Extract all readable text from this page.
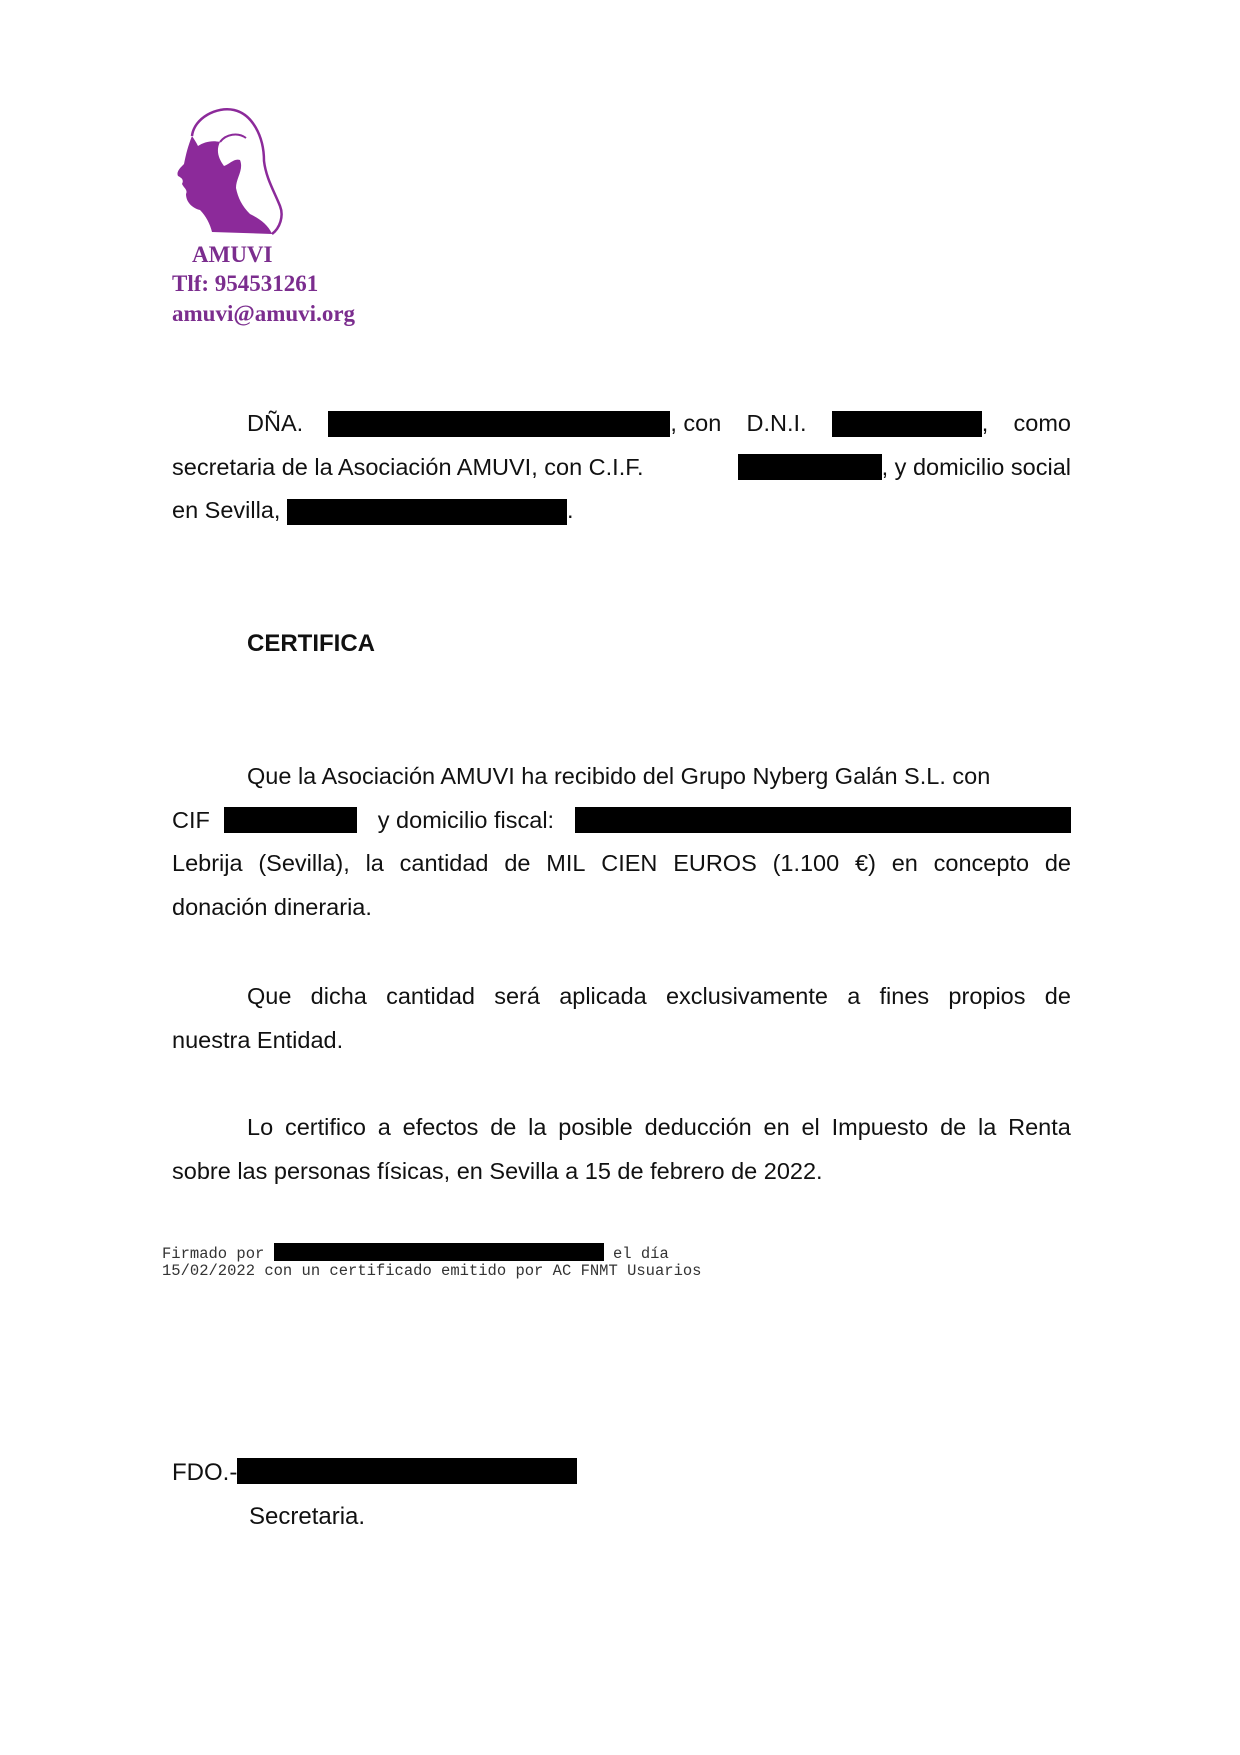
AMUVI
Tlf: 954531261
amuvi@amuvi.org
DÑA.	, con D.N.I.	, como
secretaria de la Asociación AMUVI, con C.I.F.	, y domicilio social
en Sevilla,	.
CERTIFICA
Que la Asociación AMUVI ha recibido del Grupo Nyberg Galán S.L. con
CIF	y domicilio fiscal:
Lebrija (Sevilla), la cantidad de MIL CIEN EUROS (1.100 €) en concepto de
donación dineraria.
Que dicha cantidad será aplicada exclusivamente a fines propios de
nuestra Entidad.
Lo certifico a efectos de la posible deducción en el Impuesto de la Renta
sobre las personas físicas, en Sevilla a 15 de febrero de 2022.
Firmado por	el día
15/02/2022 con un certificado emitido por AC FNMT Usuarios
FDO.-
Secretaria.
